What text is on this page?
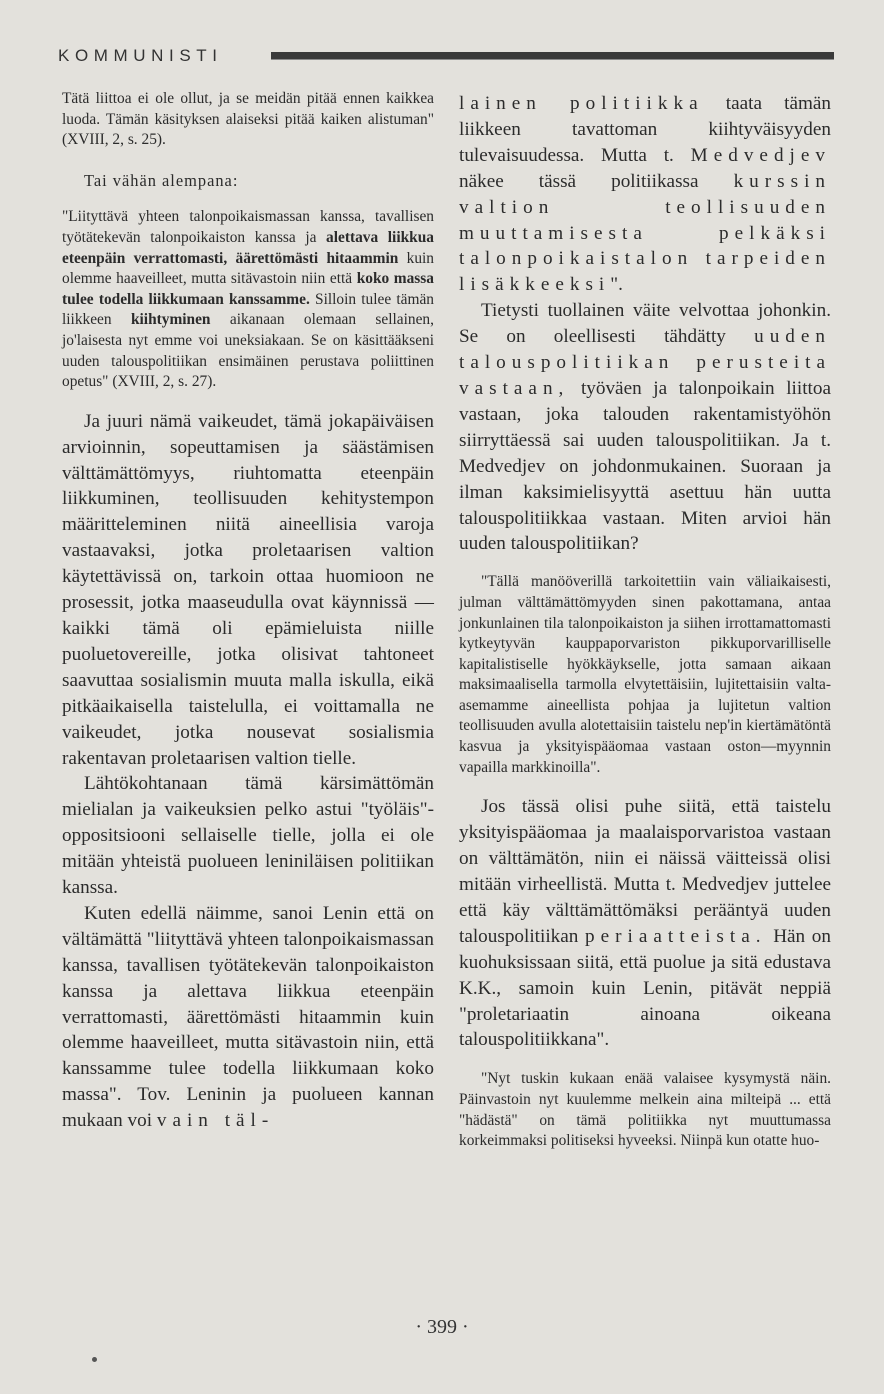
KOMMUNISTI

Tätä liittoa ei ole ollut, ja se meidän pitää ennen kaikkea luoda. Tämän käsityksen alaiseksi pitää kaiken alistuman" (XVIII, 2, s. 25).

Tai vähän alempana:

"Liityttävä yhteen talonpoikaismassan kanssa, tavallisen työtätekevän talonpoikaiston kanssa ja alettava liikkua eteenpäin verrattomasti, äärettömästi hitaammin kuin olemme haaveilleet, mutta sitävastoin niin että koko massa tulee todella liikkumaan kanssamme. Silloin tulee tämän liikkeen kiihtyminen aikanaan olemaan sellainen, jo'laisesta nyt emme voi uneksiakaan. Se on käsittääkseni uuden talouspolitiikan ensimäinen perustava poliittinen opetus" (XVIII, 2, s. 27).

Ja juuri nämä vaikeudet, tämä jokapäiväisen arvioinnin, sopeuttamisen ja säästämisen välttämättömyys, riuhtomatta eteenpäin liikkuminen, teollisuuden kehitystempon määritteleminen niitä aineellisia varoja vastaavaksi, jotka proletaarisen valtion käytettävissä on, tarkoin ottaa huomioon ne prosessit, jotka maaseudulla ovat käynnissä — kaikki tämä oli epämieluista niille puoluetovereille, jotka olisivat tahtoneet saavuttaa sosialismin muuta malla iskulla, eikä pitkäaikaisella taistelulla, ei voittamalla ne vaikeudet, jotka nousevat sosialismia rakentavan proletaarisen valtion tielle.

Lähtökohtanaan tämä kärsimättömän mielialan ja vaikeuksien pelko astui "työläis"-oppositsiooni sellaiselle tielle, jolla ei ole mitään yhteistä puolueen leniniläisen politiikan kanssa.

Kuten edellä näimme, sanoi Lenin että on vältämättä "liityttävä yhteen talonpoikaismassan kanssa, tavallisen työtätekevän talonpoikaiston kanssa ja alettava liikkua eteenpäin verrattomasti, äärettömästi hitaammin kuin olemme haaveilleet, mutta sitävastoin niin, että kanssamme tulee todella liikkumaan koko massa". Tov. Leninin ja puolueen kannan mukaan voi vain täl-

lainen politiikka taata tämän liikkeen tavattoman kiihtyväisyyden tulevaisuudessa. Mutta t. Medvedjev näkee tässä politiikassa kurssin valtion teollisuuden muuttamisesta pelkäksi talonpoikaistalon tarpeiden lisäkkeeksi".

Tietysti tuollainen väite velvottaa johonkin. Se on oleellisesti tähdätty uuden talouspolitiikan perusteita vastaan, työväen ja talonpoikain liittoa vastaan, joka talouden rakentamistyöhön siirryttäessä sai uuden talouspolitiikan. Ja t. Medvedjev on johdonmukainen. Suoraan ja ilman kaksimielisyyttä asettuu hän uutta talouspolitiikkaa vastaan. Miten arvioi hän uuden talouspolitiikan?

"Tällä manööverillä tarkoitettiin vain väliaikaisesti, julman välttämättömyyden sinen pakottamana, antaa jonkunlainen tila talonpoikaiston ja siihen irrottamattomasti kytkeytyvän kauppaporvariston pikkuporvarilliselle kapitalistiselle hyökkäykselle, jotta samaan aikaan maksimaalisella tarmolla elvytettäisiin, lujitettaisiin valta-asemamme aineellista pohjaa ja lujitetun valtion teollisuuden avulla alotettaisiin taistelu nep'in kiertämätöntä kasvua ja yksityispääomaa vastaan oston—myynnin vapailla markkinoilla".

Jos tässä olisi puhe siitä, että taistelu yksityispääomaa ja maalaisporvaristoa vastaan on välttämätön, niin ei näissä väitteissä olisi mitään virheellistä. Mutta t. Medvedjev juttelee että käy välttämättömäksi perääntyä uuden talouspolitiikan periaatteista. Hän on kuohuksissaan siitä, että puolue ja sitä edustava K.K., samoin kuin Lenin, pitävät neppiä "proletariaatin ainoana oikeana talouspolitiikkana".

"Nyt tuskin kukaan enää valaisee kysymystä näin. Päinvastoin nyt kuulemme melkein aina milteipä ... että "hädästä" on tämä politiikka nyt muuttumassa korkeimmaksi politiseksi hyveeksi. Niinpä kun otatte huo-

· 399 ·
